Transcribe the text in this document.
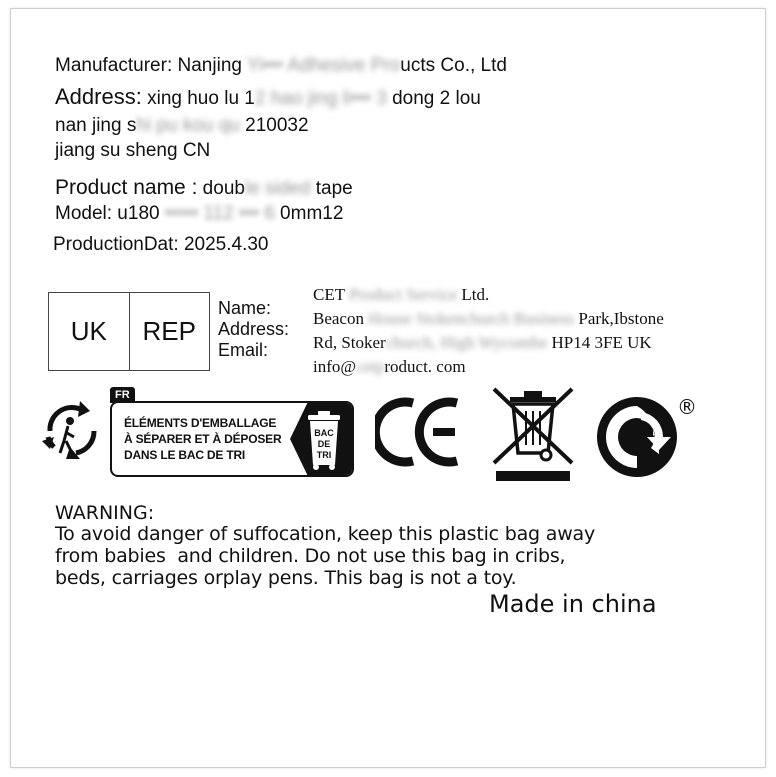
Manufacturer: Nanjing Yi••• Adhesive Proucts Co., Ltd
Address: xing huo lu 12 hao jing li••• 3 dong 2 lou
nan jing shi pu kou qu 210032
jiang su sheng CN
Product name : double sided tape
Model: u180 ••••• 112 ••• 6 0mm12
ProductionDat: 2025.4.30
UK	REP
Name:
Address:
Email:
CET Product Service Ltd.
Beacon House Stokenchurch Business Park,Ibstone
Rd, Stokerchurch, High Wycombe HP14 3FE UK
info@cetproduct. com
FR
ÉLÉMENTS D'EMBALLAGE
À SÉPARER ET À DÉPOSER
DANS LE BAC DE TRI
BAC
DE
TRI
®
WARNING:
To avoid danger of suffocation, keep this plastic bag away
from babies  and children. Do not use this bag in cribs,
beds, carriages orplay pens. This bag is not a toy.
Made in china
